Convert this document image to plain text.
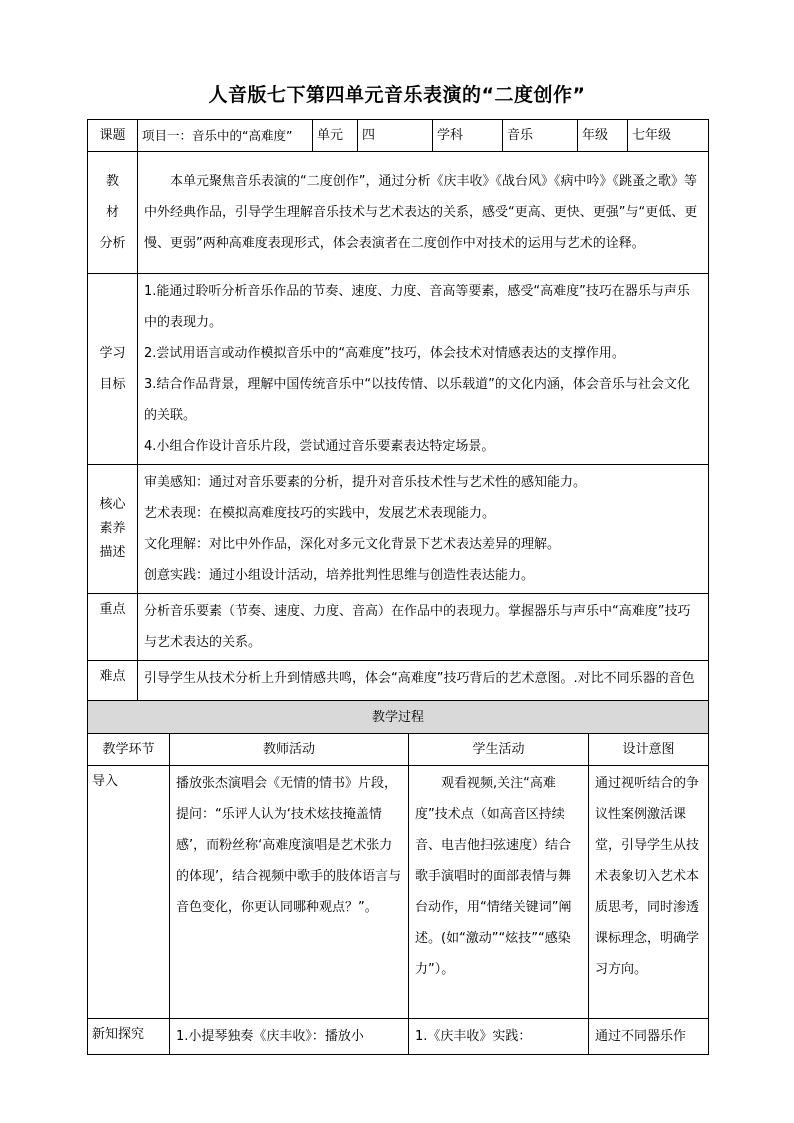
人音版七下第四单元音乐表演的“二度创作”
课题	项目一：音乐中的“高难度”	单元	四	学科	音乐	年级	七年级
教 材 分析	本单元聚焦音乐表演的“二度创作”，通过分析《庆丰收》《战台风》《病中吟》《跳蚤之歌》等中外经典作品，引导学生理解音乐技术与艺术表达的关系，感受“更高、更快、更强”与“更低、更慢、更弱”两种高难度表现形式，体会表演者在二度创作中对技术的运用与艺术的诠释。						
学习目标	1.能通过聆听分析音乐作品的节奏、速度、力度、音高等要素，感受“高难度”技巧在器乐与声乐中的表现力。
2.尝试用语言或动作模拟音乐中的“高难度”技巧，体会技术对情感表达的支撑作用。
3.结合作品背景，理解中国传统音乐中“以技传情、以乐载道”的文化内涵，体会音乐与社会文化的关联。
4.小组合作设计音乐片段，尝试通过音乐要素表达特定场景。						

核心素养描述	审美感知：通过对音乐要素的分析，提升对音乐技术性与艺术性的感知能力。
艺术表现：在模拟高难度技巧的实践中，发展艺术表现能力。
文化理解：对比中外作品，深化对多元文化背景下艺术表达差异的理解。
创意实践：通过小组设计活动，培养批判性思维与创造性表达能力。						

重点	分析音乐要素（节奏、速度、力度、音高）在作品中的表现力。掌握器乐与声乐中“高难度”技巧与艺术表达的关系。						
难点	引导学生从技术分析上升到情感共鸣，体会“高难度”技巧背后的艺术意图。.对比不同乐器的音色						
教学过程			
教学环节	教师活动	学生活动	设计意图
导入	播放张杰演唱会《无情的情书》片段，提问：“乐评人认为‘技术炫技掩盖情感’，而粉丝称‘高难度演唱是艺术张力的体现’，结合视频中歌手的肢体语言与音色变化，你更认同哪种观点？”。	观看视频,关注“高难度”技术点（如高音区持续音、电吉他扫弦速度）结合歌手演唱时的面部表情与舞台动作，用“情绪关键词”阐述。(如“激动”“炫技”“感染力”）。	通过视听结合的争议性案例激活课堂，引导学生从技术表象切入艺术本质思考，同时渗透课标理念，明确学习方向。
新知探究	1.小提琴独奏《庆丰收》：播放小	1.《庆丰收》实践：	通过不同器乐作
